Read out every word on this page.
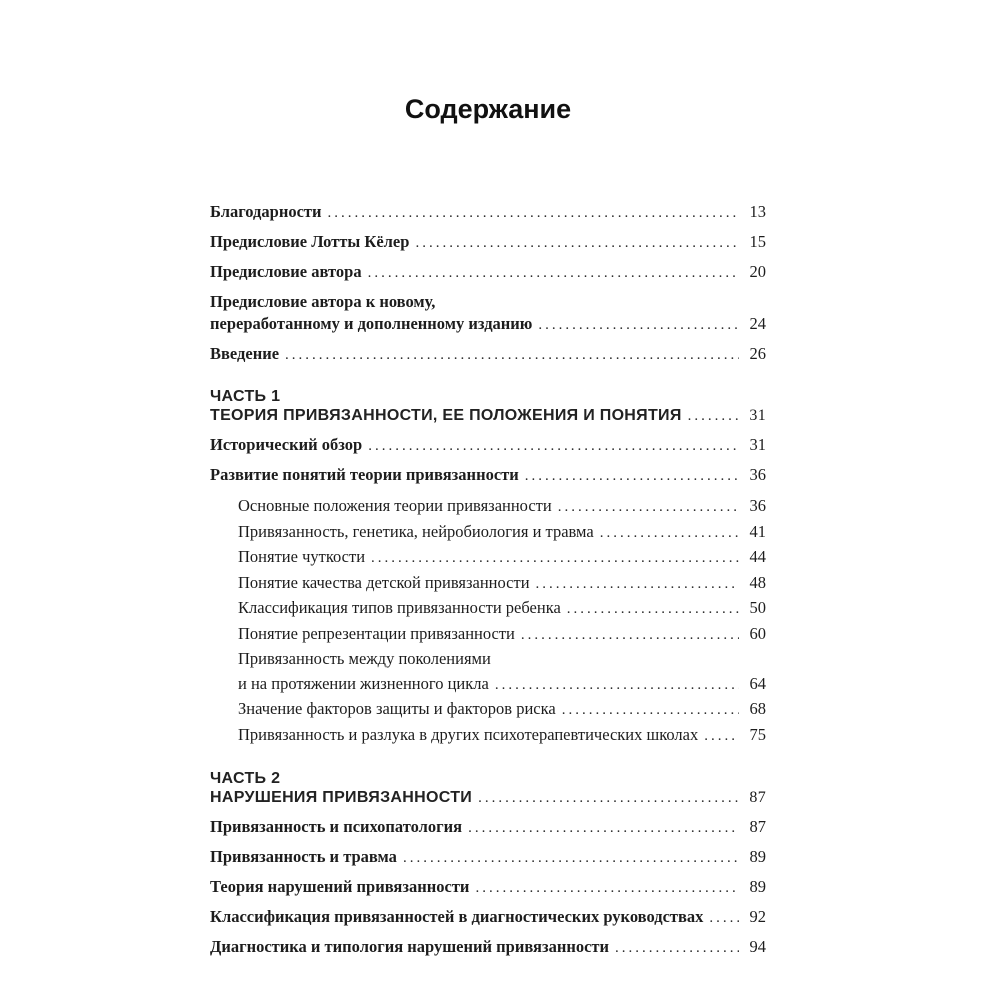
Содержание
Благодарности .....	13
Предисловие Лотты Кёлер .....	15
Предисловие автора .....	20
Предисловие автора к новому,
переработанному и дополненному изданию .....	24
Введение .....	26
ЧАСТЬ 1
ТЕОРИЯ ПРИВЯЗАННОСТИ, ЕЕ ПОЛОЖЕНИЯ И ПОНЯТИЯ .....	31
Исторический обзор .....	31
Развитие понятий теории привязанности .....	36
Основные положения теории привязанности .....	36
Привязанность, генетика, нейробиология и травма .....	41
Понятие чуткости .....	44
Понятие качества детской привязанности .....	48
Классификация типов привязанности ребенка .....	50
Понятие репрезентации привязанности .....	60
Привязанность между поколениями
и на протяжении жизненного цикла .....	64
Значение факторов защиты и факторов риска .....	68
Привязанность и разлука в других психотерапевтических школах .....	75
ЧАСТЬ 2
НАРУШЕНИЯ ПРИВЯЗАННОСТИ .....	87
Привязанность и психопатология .....	87
Привязанность и травма .....	89
Теория нарушений привязанности .....	89
Классификация привязанностей в диагностических руководствах .....	92
Диагностика и типология нарушений привязанности .....	94
